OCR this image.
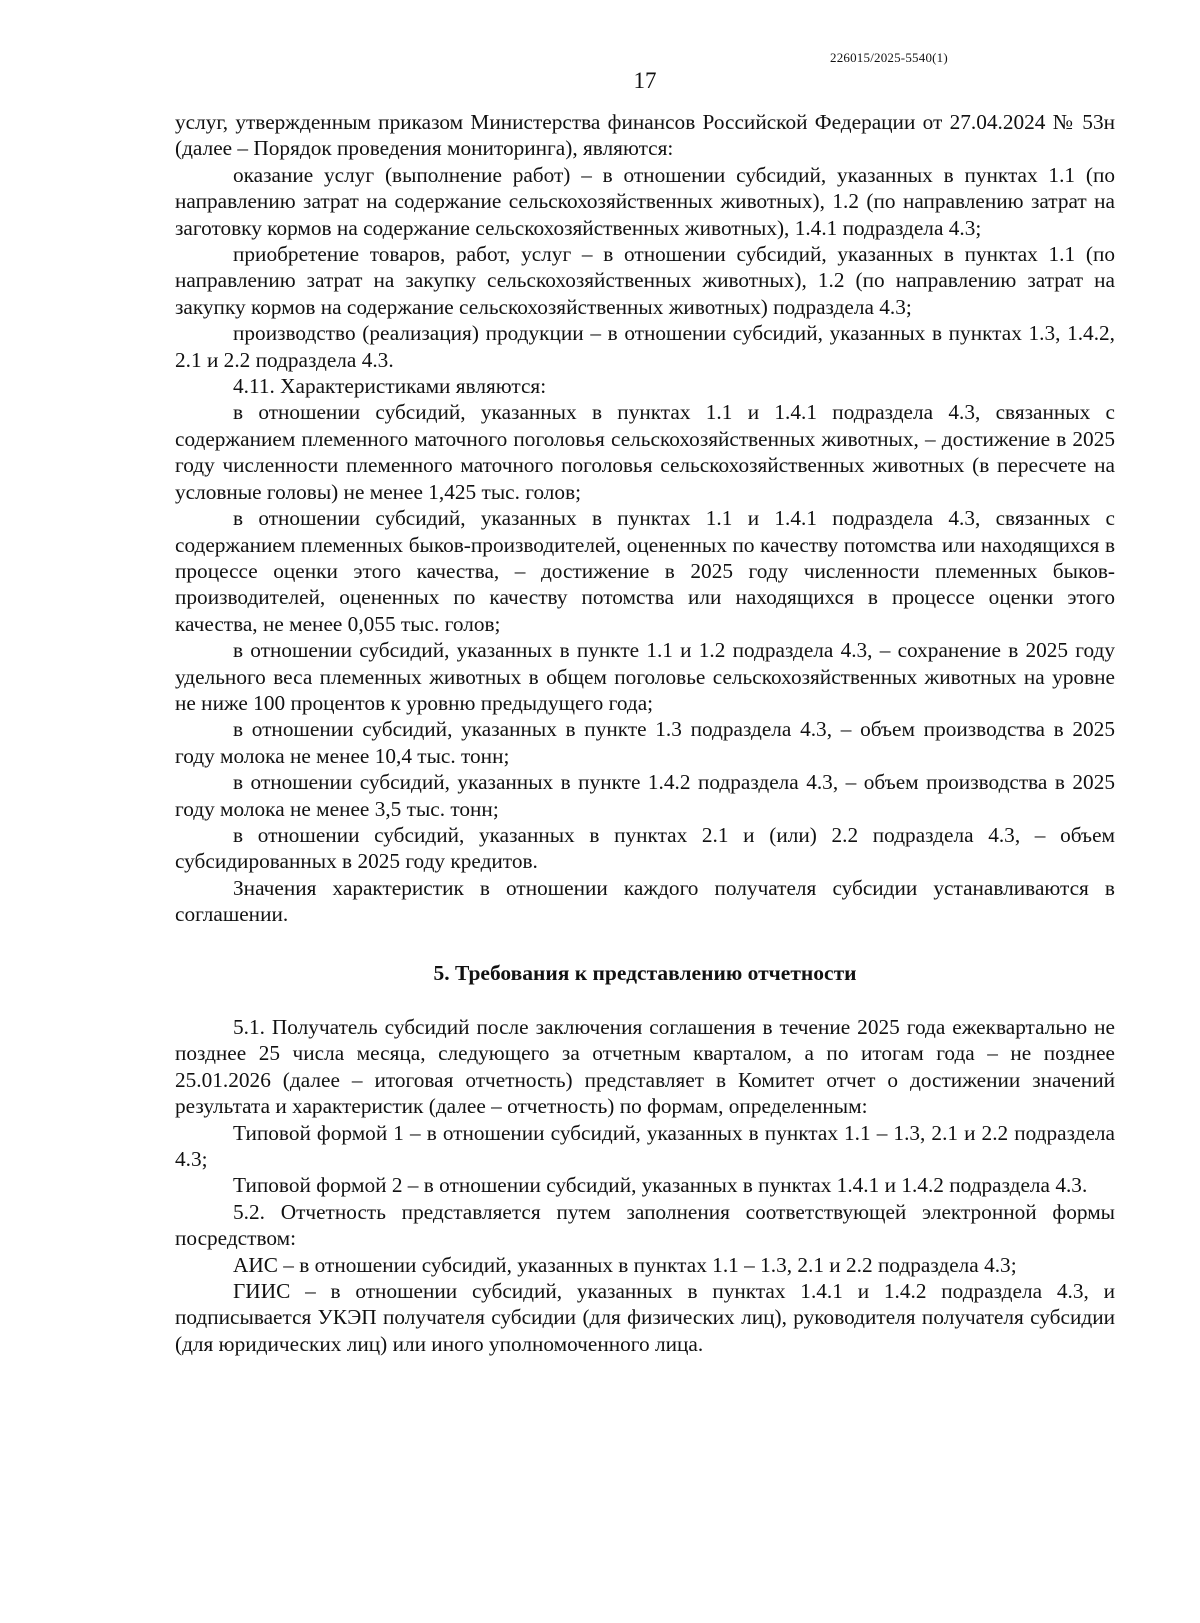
226015/2025-5540(1)
17

услуг, утвержденным приказом Министерства финансов Российской Федерации от 27.04.2024 № 53н (далее – Порядок проведения мониторинга), являются:

оказание услуг (выполнение работ) – в отношении субсидий, указанных в пунктах 1.1 (по направлению затрат на содержание сельскохозяйственных животных), 1.2 (по направлению затрат на заготовку кормов на содержание сельскохозяйственных животных), 1.4.1 подраздела 4.3;

приобретение товаров, работ, услуг – в отношении субсидий, указанных в пунктах 1.1 (по направлению затрат на закупку сельскохозяйственных животных), 1.2 (по направлению затрат на закупку кормов на содержание сельскохозяйственных животных) подраздела 4.3;

производство (реализация) продукции – в отношении субсидий, указанных в пунктах 1.3, 1.4.2, 2.1 и 2.2 подраздела 4.3.

4.11. Характеристиками являются:

в отношении субсидий, указанных в пунктах 1.1 и 1.4.1 подраздела 4.3, связанных с содержанием племенного маточного поголовья сельскохозяйственных животных, – достижение в 2025 году численности племенного маточного поголовья сельскохозяйственных животных (в пересчете на условные головы) не менее 1,425 тыс. голов;

в отношении субсидий, указанных в пунктах 1.1 и 1.4.1 подраздела 4.3, связанных с содержанием племенных быков-производителей, оцененных по качеству потомства или находящихся в процессе оценки этого качества, – достижение в 2025 году численности племенных быков-производителей, оцененных по качеству потомства или находящихся в процессе оценки этого качества, не менее 0,055 тыс. голов;

в отношении субсидий, указанных в пункте 1.1 и 1.2 подраздела 4.3, – сохранение в 2025 году удельного веса племенных животных в общем поголовье сельскохозяйственных животных на уровне не ниже 100 процентов к уровню предыдущего года;

в отношении субсидий, указанных в пункте 1.3 подраздела 4.3, – объем производства в 2025 году молока не менее 10,4 тыс. тонн;

в отношении субсидий, указанных в пункте 1.4.2 подраздела 4.3, – объем производства в 2025 году молока не менее 3,5 тыс. тонн;

в отношении субсидий, указанных в пунктах 2.1 и (или) 2.2 подраздела 4.3, – объем субсидированных в 2025 году кредитов.

Значения характеристик в отношении каждого получателя субсидии устанавливаются в соглашении.

5. Требования к представлению отчетности

5.1. Получатель субсидий после заключения соглашения в течение 2025 года ежеквартально не позднее 25 числа месяца, следующего за отчетным кварталом, а по итогам года – не позднее 25.01.2026 (далее – итоговая отчетность) представляет в Комитет отчет о достижении значений результата и характеристик (далее – отчетность) по формам, определенным:

Типовой формой 1 – в отношении субсидий, указанных в пунктах 1.1 – 1.3, 2.1 и 2.2 подраздела 4.3;

Типовой формой 2 – в отношении субсидий, указанных в пунктах 1.4.1 и 1.4.2 подраздела 4.3.

5.2. Отчетность представляется путем заполнения соответствующей электронной формы посредством:

АИС – в отношении субсидий, указанных в пунктах 1.1 – 1.3, 2.1 и 2.2 подраздела 4.3;

ГИИС – в отношении субсидий, указанных в пунктах 1.4.1 и 1.4.2 подраздела 4.3, и подписывается УКЭП получателя субсидии (для физических лиц), руководителя получателя субсидии (для юридических лиц) или иного уполномоченного лица.
